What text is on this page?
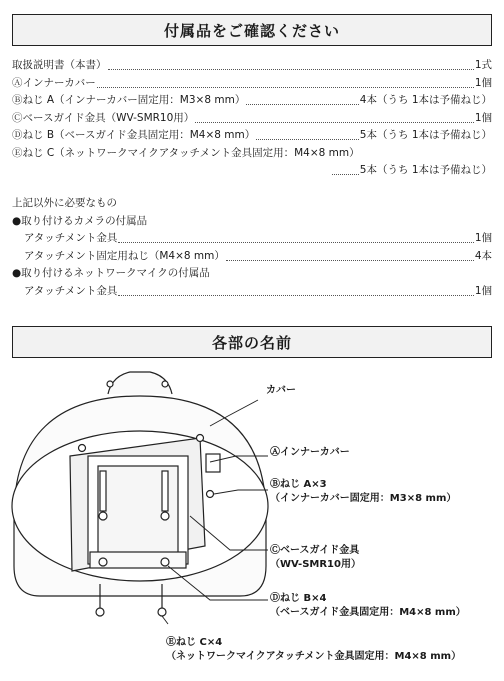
付属品をご確認ください
取扱説明書（本書）	1式
Ⓐインナーカバー	1個
Ⓑねじ A（インナーカバー固定用：M3×8 mm）	4本（うち 1本は予備ねじ）
Ⓒベースガイド金具（WV-SMR10用）	1個
Ⓓねじ B（ベースガイド金具固定用：M4×8 mm）	5本（うち 1本は予備ねじ）
Ⓔねじ C（ネットワークマイクアタッチメント金具固定用：M4×8 mm）
5本（うち 1本は予備ねじ）
上記以外に必要なもの
●取り付けるカメラの付属品
アタッチメント金具	1個
アタッチメント固定用ねじ（M4×8 mm）	4本
●取り付けるネットワークマイクの付属品
アタッチメント金具	1個
各部の名前
カバー
Ⓐインナーカバー
Ⓑねじ A×3
（インナーカバー固定用：M3×8 mm）
Ⓒベースガイド金具
（WV-SMR10用）
Ⓓねじ B×4
（ベースガイド金具固定用：M4×8 mm）
Ⓔねじ C×4
（ネットワークマイクアタッチメント金具固定用：M4×8 mm）
